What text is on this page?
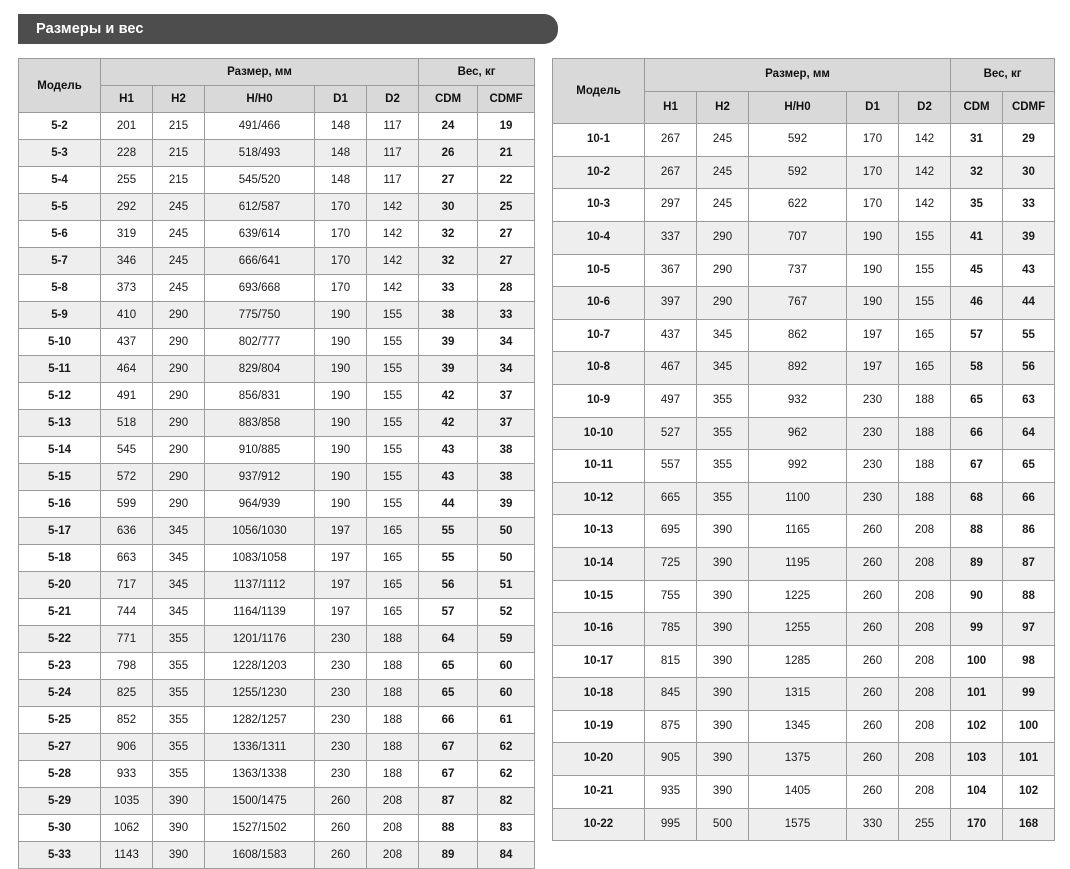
Размеры и вес
Модель	Размер, мм					Вес, кг	
	H1	H2	H/H0	D1	D2	CDM	CDMF
5-2	201	215	491/466	148	117	24	19
5-3	228	215	518/493	148	117	26	21
5-4	255	215	545/520	148	117	27	22
5-5	292	245	612/587	170	142	30	25
5-6	319	245	639/614	170	142	32	27
5-7	346	245	666/641	170	142	32	27
5-8	373	245	693/668	170	142	33	28
5-9	410	290	775/750	190	155	38	33
5-10	437	290	802/777	190	155	39	34
5-11	464	290	829/804	190	155	39	34
5-12	491	290	856/831	190	155	42	37
5-13	518	290	883/858	190	155	42	37
5-14	545	290	910/885	190	155	43	38
5-15	572	290	937/912	190	155	43	38
5-16	599	290	964/939	190	155	44	39
5-17	636	345	1056/1030	197	165	55	50
5-18	663	345	1083/1058	197	165	55	50
5-20	717	345	1137/1112	197	165	56	51
5-21	744	345	1164/1139	197	165	57	52
5-22	771	355	1201/1176	230	188	64	59
5-23	798	355	1228/1203	230	188	65	60
5-24	825	355	1255/1230	230	188	65	60
5-25	852	355	1282/1257	230	188	66	61
5-27	906	355	1336/1311	230	188	67	62
5-28	933	355	1363/1338	230	188	67	62
5-29	1035	390	1500/1475	260	208	87	82
5-30	1062	390	1527/1502	260	208	88	83
5-33	1143	390	1608/1583	260	208	89	84
Модель	Размер, мм					Вес, кг	
	H1	H2	H/H0	D1	D2	CDM	CDMF
10-1	267	245	592	170	142	31	29
10-2	267	245	592	170	142	32	30
10-3	297	245	622	170	142	35	33
10-4	337	290	707	190	155	41	39
10-5	367	290	737	190	155	45	43
10-6	397	290	767	190	155	46	44
10-7	437	345	862	197	165	57	55
10-8	467	345	892	197	165	58	56
10-9	497	355	932	230	188	65	63
10-10	527	355	962	230	188	66	64
10-11	557	355	992	230	188	67	65
10-12	665	355	1100	230	188	68	66
10-13	695	390	1165	260	208	88	86
10-14	725	390	1195	260	208	89	87
10-15	755	390	1225	260	208	90	88
10-16	785	390	1255	260	208	99	97
10-17	815	390	1285	260	208	100	98
10-18	845	390	1315	260	208	101	99
10-19	875	390	1345	260	208	102	100
10-20	905	390	1375	260	208	103	101
10-21	935	390	1405	260	208	104	102
10-22	995	500	1575	330	255	170	168
